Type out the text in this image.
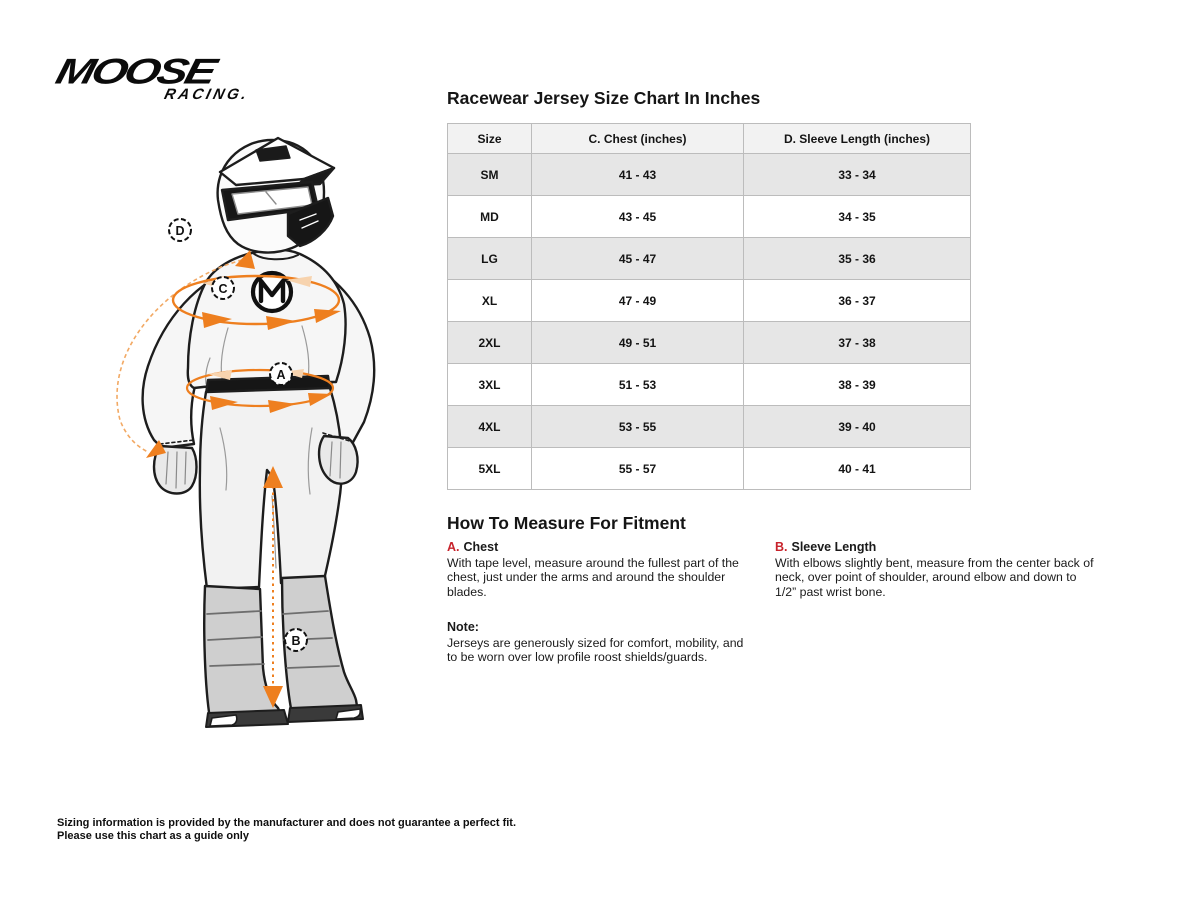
MOOSE
RACING.
D
C
A
B
Racewear Jersey Size Chart In Inches
Size	C. Chest (inches)	D. Sleeve Length (inches)
SM	41 - 43	33 - 34
MD	43 - 45	34 - 35
LG	45 - 47	35 - 36
XL	47 - 49	36 - 37
2XL	49 - 51	37 - 38
3XL	51 - 53	38 - 39
4XL	53 - 55	39 - 40
5XL	55 - 57	40 - 41
How To Measure For Fitment
A. Chest
With tape level, measure around the fullest part of the chest, just under the arms and around the shoulder blades.
B. Sleeve Length
With elbows slightly bent, measure from the center back of neck, over point of shoulder, around elbow and down to 1/2” past wrist bone.
Note:
Jerseys are generously sized for comfort, mobility, and to be worn over low profile roost shields/guards.
Sizing information is provided by the manufacturer and does not guarantee a perfect fit.
Please use this chart as a guide only
